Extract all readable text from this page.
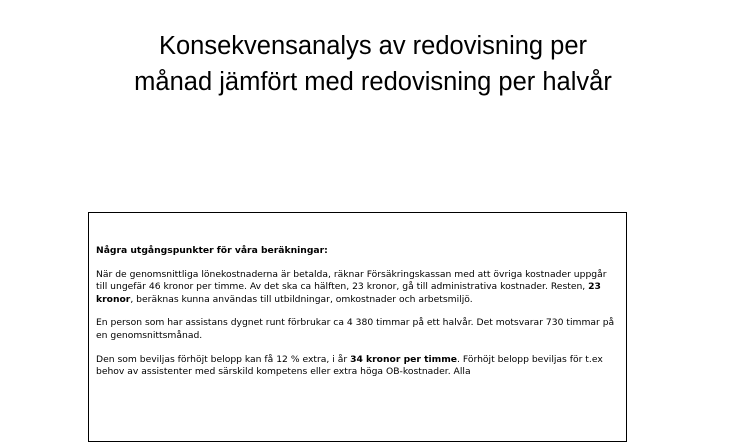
Konsekvensanalys av redovisning per
månad jämfört med redovisning per halvår

Några utgångspunkter för våra beräkningar:

När de genomsnittliga lönekostnaderna är betalda, räknar Försäkringskassan med att övriga kostnader uppgår till ungefär 46 kronor per timme. Av det ska ca hälften, 23 kronor, gå till administrativa kostnader. Resten, 23 kronor, beräknas kunna användas till utbildningar, omkostnader och arbetsmiljö.

En person som har assistans dygnet runt förbrukar ca 4 380 timmar på ett halvår. Det motsvarar 730 timmar på en genomsnittsmånad.

Den som beviljas förhöjt belopp kan få 12 % extra, i år 34 kronor per timme. Förhöjt belopp beviljas för t.ex behov av assistenter med särskild kompetens eller extra höga OB-kostnader. Alla
